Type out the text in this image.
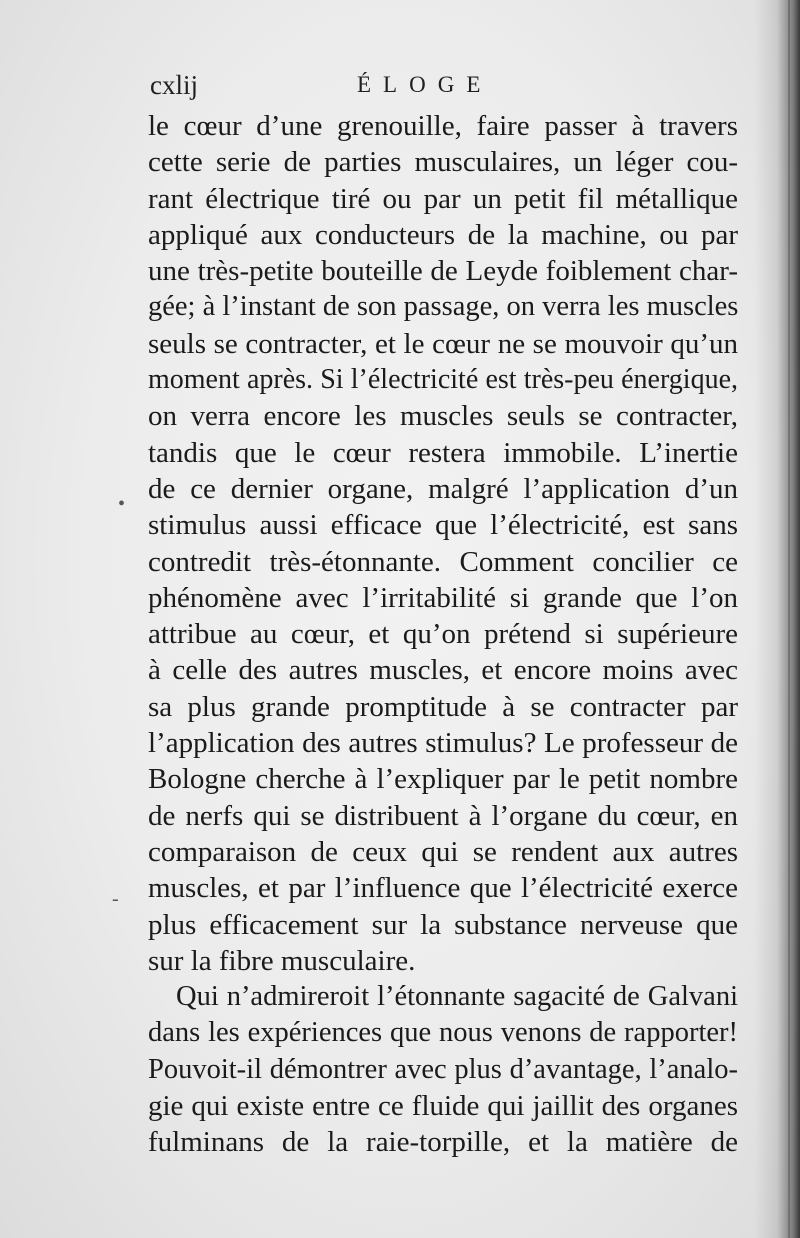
cxlij	ÉLOGE
le cœur d’une grenouille, faire passer à travers
cette serie de parties musculaires, un léger cou-
rant électrique tiré ou par un petit fil métallique
appliqué aux conducteurs de la machine, ou par
une très-petite bouteille de Leyde foiblement char-
gée; à l’instant de son passage, on verra les muscles
seuls se contracter, et le cœur ne se mouvoir qu’un
moment après. Si l’électricité est très-peu énergique,
on verra encore les muscles seuls se contracter,
tandis que le cœur restera immobile. L’inertie
de ce dernier organe, malgré l’application d’un
stimulus aussi efficace que l’électricité, est sans
contredit très-étonnante. Comment concilier ce
phénomène avec l’irritabilité si grande que l’on
attribue au cœur, et qu’on prétend si supérieure
à celle des autres muscles, et encore moins avec
sa plus grande promptitude à se contracter par
l’application des autres stimulus? Le professeur de
Bologne cherche à l’expliquer par le petit nombre
de nerfs qui se distribuent à l’organe du cœur, en
comparaison de ceux qui se rendent aux autres
muscles, et par l’influence que l’électricité exerce
plus efficacement sur la substance nerveuse que
sur la fibre musculaire.
Qui n’admireroit l’étonnante sagacité de Galvani
dans les expériences que nous venons de rapporter!
Pouvoit-il démontrer avec plus d’avantage, l’analo-
gie qui existe entre ce fluide qui jaillit des organes
fulminans de la raie-torpille, et la matière de
•
-
